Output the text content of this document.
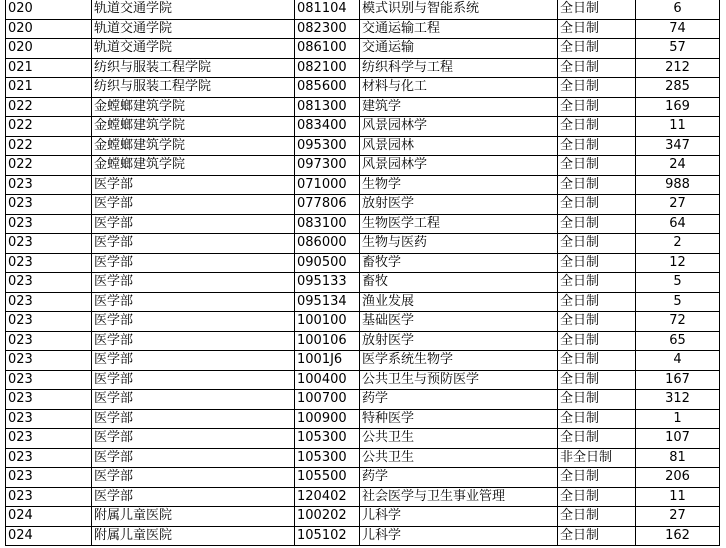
020	轨道交通学院	081104	模式识别与智能系统	全日制	6
020	轨道交通学院	082300	交通运输工程	全日制	74
020	轨道交通学院	086100	交通运输	全日制	57
021	纺织与服装工程学院	082100	纺织科学与工程	全日制	212
021	纺织与服装工程学院	085600	材料与化工	全日制	285
022	金螳螂建筑学院	081300	建筑学	全日制	169
022	金螳螂建筑学院	083400	风景园林学	全日制	11
022	金螳螂建筑学院	095300	风景园林	全日制	347
022	金螳螂建筑学院	097300	风景园林学	全日制	24
023	医学部	071000	生物学	全日制	988
023	医学部	077806	放射医学	全日制	27
023	医学部	083100	生物医学工程	全日制	64
023	医学部	086000	生物与医药	全日制	2
023	医学部	090500	畜牧学	全日制	12
023	医学部	095133	畜牧	全日制	5
023	医学部	095134	渔业发展	全日制	5
023	医学部	100100	基础医学	全日制	72
023	医学部	100106	放射医学	全日制	65
023	医学部	1001J6	医学系统生物学	全日制	4
023	医学部	100400	公共卫生与预防医学	全日制	167
023	医学部	100700	药学	全日制	312
023	医学部	100900	特种医学	全日制	1
023	医学部	105300	公共卫生	全日制	107
023	医学部	105300	公共卫生	非全日制	81
023	医学部	105500	药学	全日制	206
023	医学部	120402	社会医学与卫生事业管理	全日制	11
024	附属儿童医院	100202	儿科学	全日制	27
024	附属儿童医院	105102	儿科学	全日制	162
